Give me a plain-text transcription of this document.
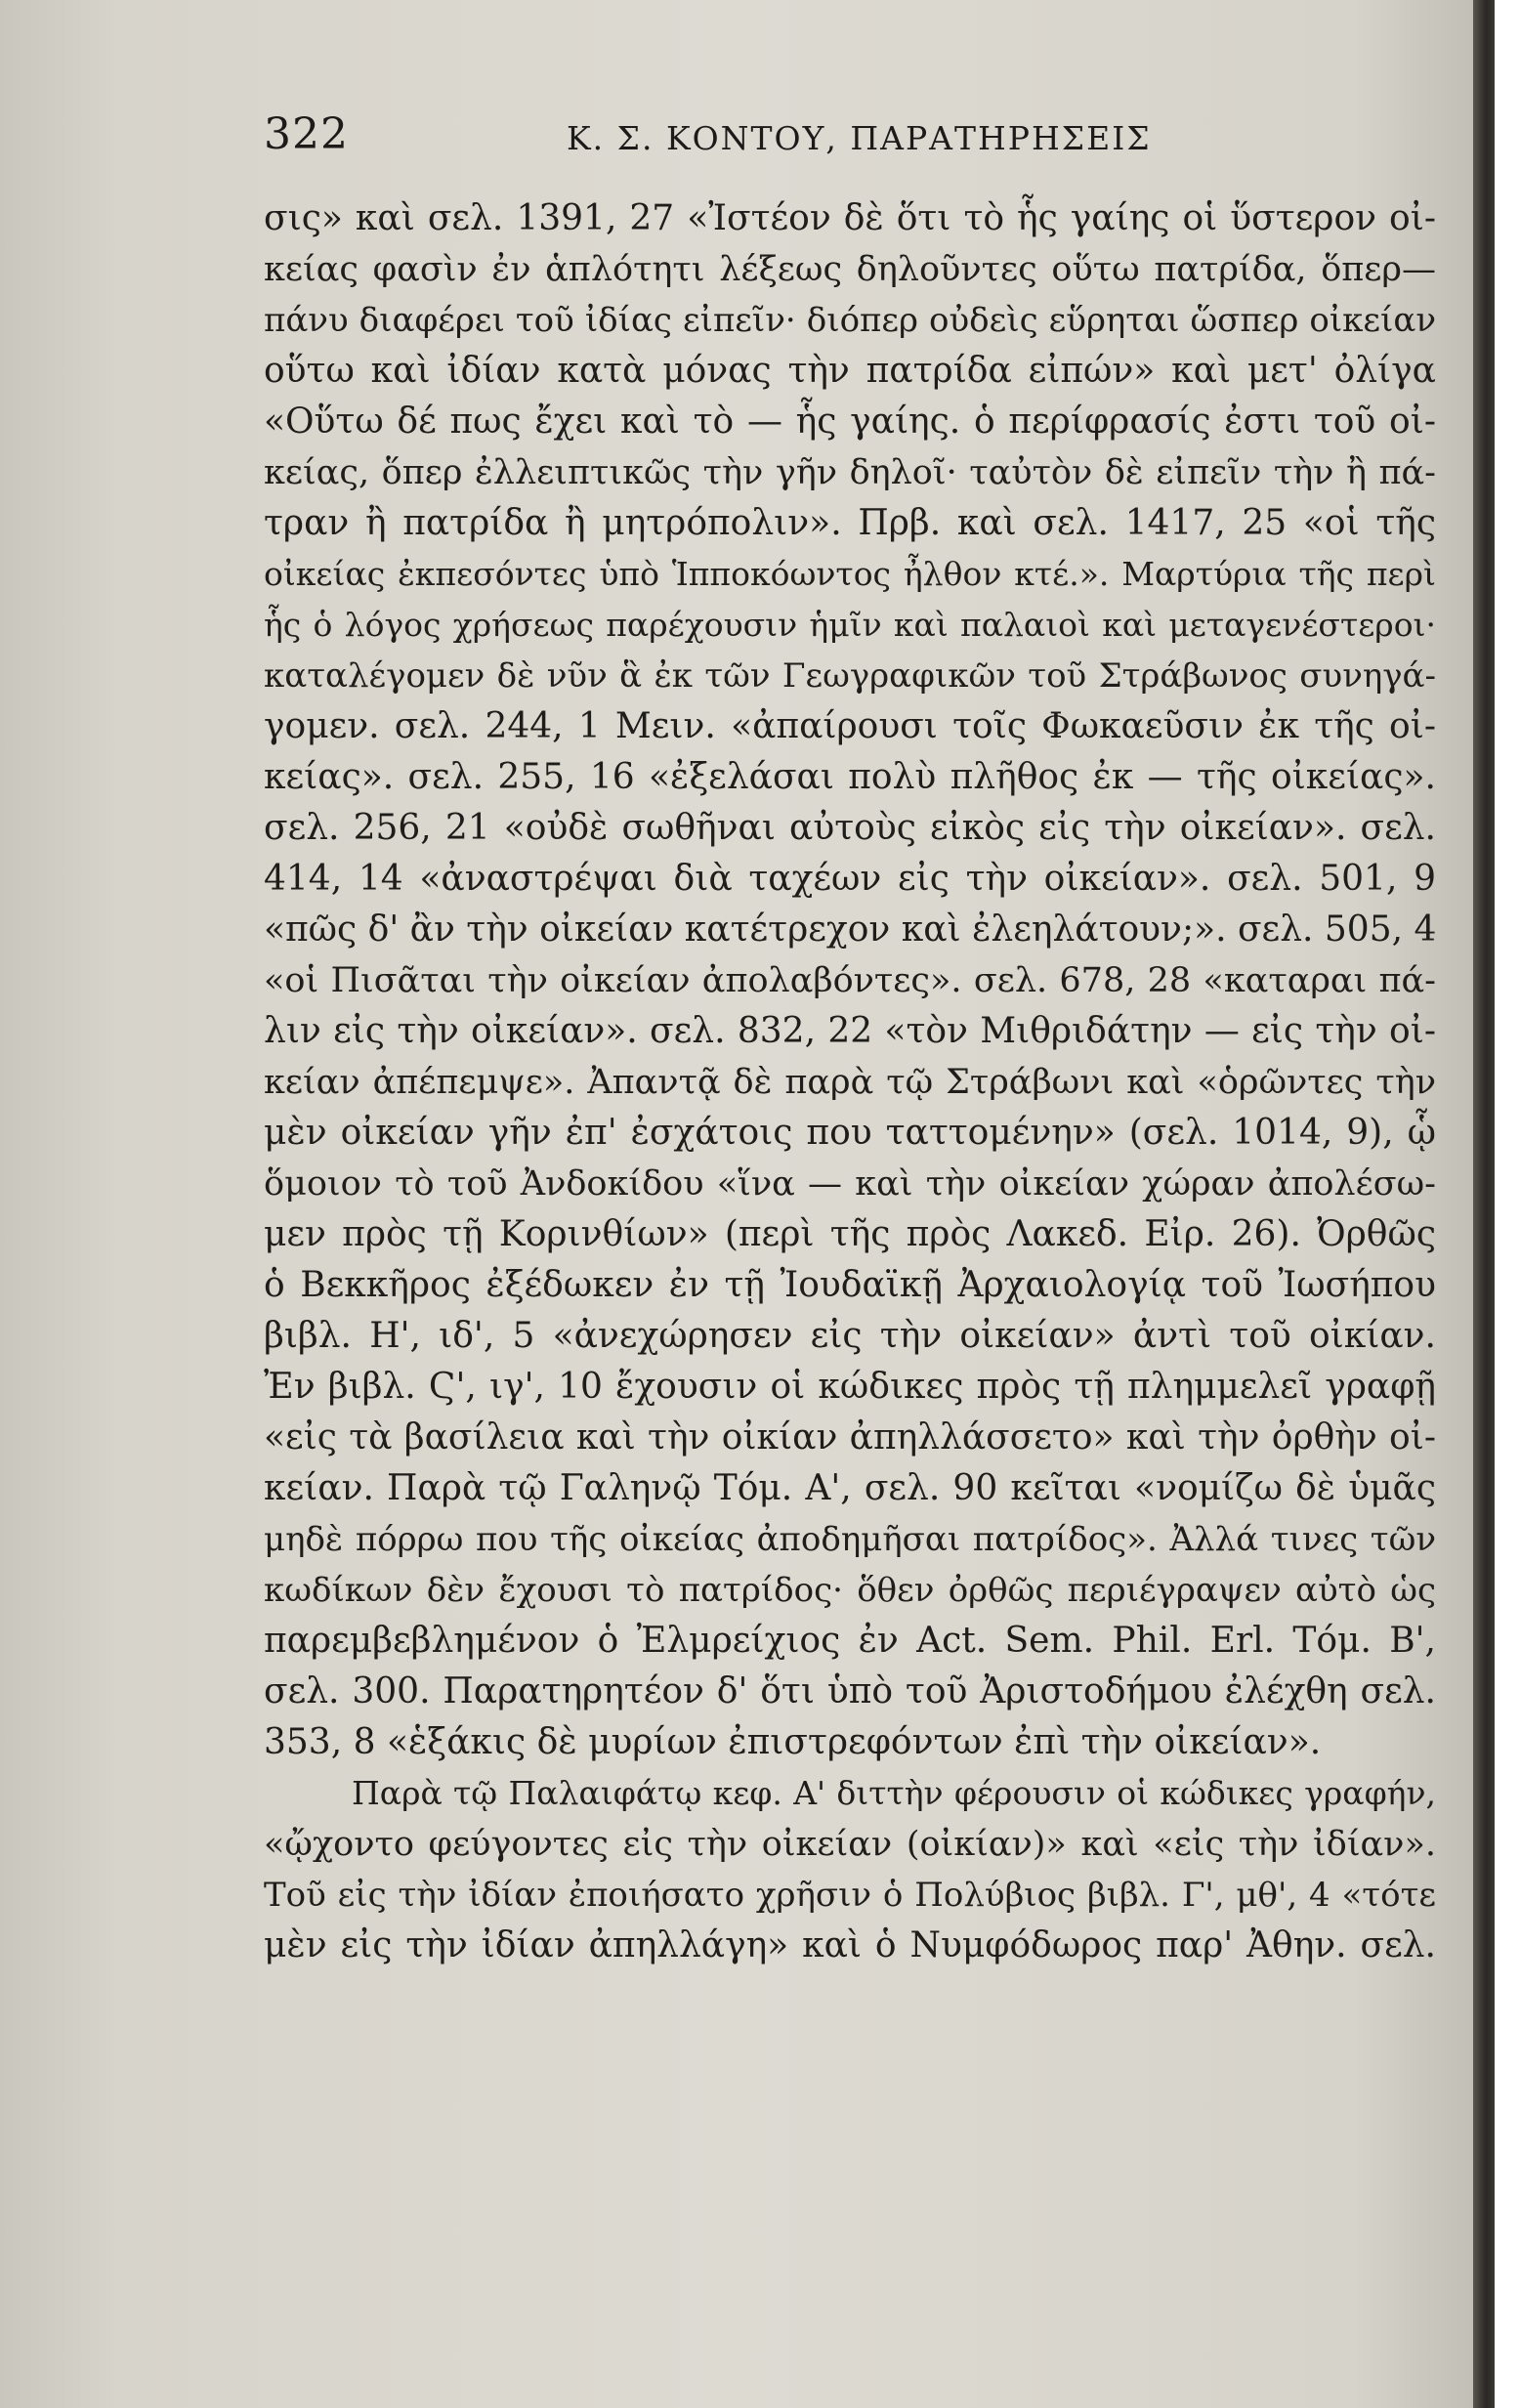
322	Κ. Σ. ΚΟΝΤΟΥ, ΠΑΡΑΤΗΡΗΣΕΙΣ
σις» καὶ σελ. 1391, 27 «Ἰστέον δὲ ὅτι τὸ ἧς γαίης οἱ ὕστερον οἰ-
κείας φασὶν ἐν ἁπλότητι λέξεως δηλοῦντες οὕτω πατρίδα, ὅπερ—
πάνυ διαφέρει τοῦ ἰδίας εἰπεῖν· διόπερ οὐδεὶς εὕρηται ὥσπερ οἰκείαν
οὕτω καὶ ἰδίαν κατὰ μόνας τὴν πατρίδα εἰπών» καὶ μετ' ὀλίγα
«Οὕτω δέ πως ἔχει καὶ τὸ — ἧς γαίης. ὁ περίφρασίς ἐστι τοῦ οἰ-
κείας, ὅπερ ἐλλειπτικῶς τὴν γῆν δηλοῖ· ταὐτὸν δὲ εἰπεῖν τὴν ἢ πά-
τραν ἢ πατρίδα ἢ μητρόπολιν». Πρβ. καὶ σελ. 1417, 25 «οἱ τῆς
οἰκείας ἐκπεσόντες ὑπὸ Ἱπποκόωντος ἦλθον κτέ.». Μαρτύρια τῆς περὶ
ἧς ὁ λόγος χρήσεως παρέχουσιν ἡμῖν καὶ παλαιοὶ καὶ μεταγενέστεροι·
καταλέγομεν δὲ νῦν ἃ ἐκ τῶν Γεωγραφικῶν τοῦ Στράβωνος συνηγά-
γομεν. σελ. 244, 1 Μειν. «ἀπαίρουσι τοῖς Φωκαεῦσιν ἐκ τῆς οἰ-
κείας». σελ. 255, 16 «ἐξελάσαι πολὺ πλῆθος ἐκ — τῆς οἰκείας».
σελ. 256, 21 «οὐδὲ σωθῆναι αὐτοὺς εἰκὸς εἰς τὴν οἰκείαν». σελ.
414, 14 «ἀναστρέψαι διὰ ταχέων εἰς τὴν οἰκείαν». σελ. 501, 9
«πῶς δ' ἂν τὴν οἰκείαν κατέτρεχον καὶ ἐλεηλάτουν;». σελ. 505, 4
«οἱ Πισᾶται τὴν οἰκείαν ἀπολαβόντες». σελ. 678, 28 «καταραι πά-
λιν εἰς τὴν οἰκείαν». σελ. 832, 22 «τὸν Μιθριδάτην — εἰς τὴν οἰ-
κείαν ἀπέπεμψε». Ἀπαντᾷ δὲ παρὰ τῷ Στράβωνι καὶ «ὁρῶντες τὴν
μὲν οἰκείαν γῆν ἐπ' ἐσχάτοις που ταττομένην» (σελ. 1014, 9), ᾧ
ὅμοιον τὸ τοῦ Ἀνδοκίδου «ἵνα — καὶ τὴν οἰκείαν χώραν ἀπολέσω-
μεν πρὸς τῇ Κορινθίων» (περὶ τῆς πρὸς Λακεδ. Εἰρ. 26). Ὀρθῶς
ὁ Βεκκῆρος ἐξέδωκεν ἐν τῇ Ἰουδαϊκῇ Ἀρχαιολογίᾳ τοῦ Ἰωσήπου
βιβλ. Η', ιδ', 5 «ἀνεχώρησεν εἰς τὴν οἰκείαν» ἀντὶ τοῦ οἰκίαν.
Ἐν βιβλ. Ϛ', ιγ', 10 ἔχουσιν οἱ κώδικες πρὸς τῇ πλημμελεῖ γραφῇ
«εἰς τὰ βασίλεια καὶ τὴν οἰκίαν ἀπηλλάσσετο» καὶ τὴν ὀρθὴν οἰ-
κείαν. Παρὰ τῷ Γαληνῷ Τόμ. Α', σελ. 90 κεῖται «νομίζω δὲ ὑμᾶς
μηδὲ πόρρω που τῆς οἰκείας ἀποδημῆσαι πατρίδος». Ἀλλά τινες τῶν
κωδίκων δὲν ἔχουσι τὸ πατρίδος· ὅθεν ὀρθῶς περιέγραψεν αὐτὸ ὡς
παρεμβεβλημένον ὁ Ἐλμρείχιος ἐν Act. Sem. Phil. Erl. Τόμ. Β',
σελ. 300. Παρατηρητέον δ' ὅτι ὑπὸ τοῦ Ἀριστοδήμου ἐλέχθη σελ.
353, 8 «ἑξάκις δὲ μυρίων ἐπιστρεφόντων ἐπὶ τὴν οἰκείαν».
Παρὰ τῷ Παλαιφάτῳ κεφ. Α' διττὴν φέρουσιν οἱ κώδικες γραφήν,
«ᾤχοντο φεύγοντες εἰς τὴν οἰκείαν (οἰκίαν)» καὶ «εἰς τὴν ἰδίαν».
Τοῦ εἰς τὴν ἰδίαν ἐποιήσατο χρῆσιν ὁ Πολύβιος βιβλ. Γ', μθ', 4 «τότε
μὲν εἰς τὴν ἰδίαν ἀπηλλάγη» καὶ ὁ Νυμφόδωρος παρ' Ἀθην. σελ.
